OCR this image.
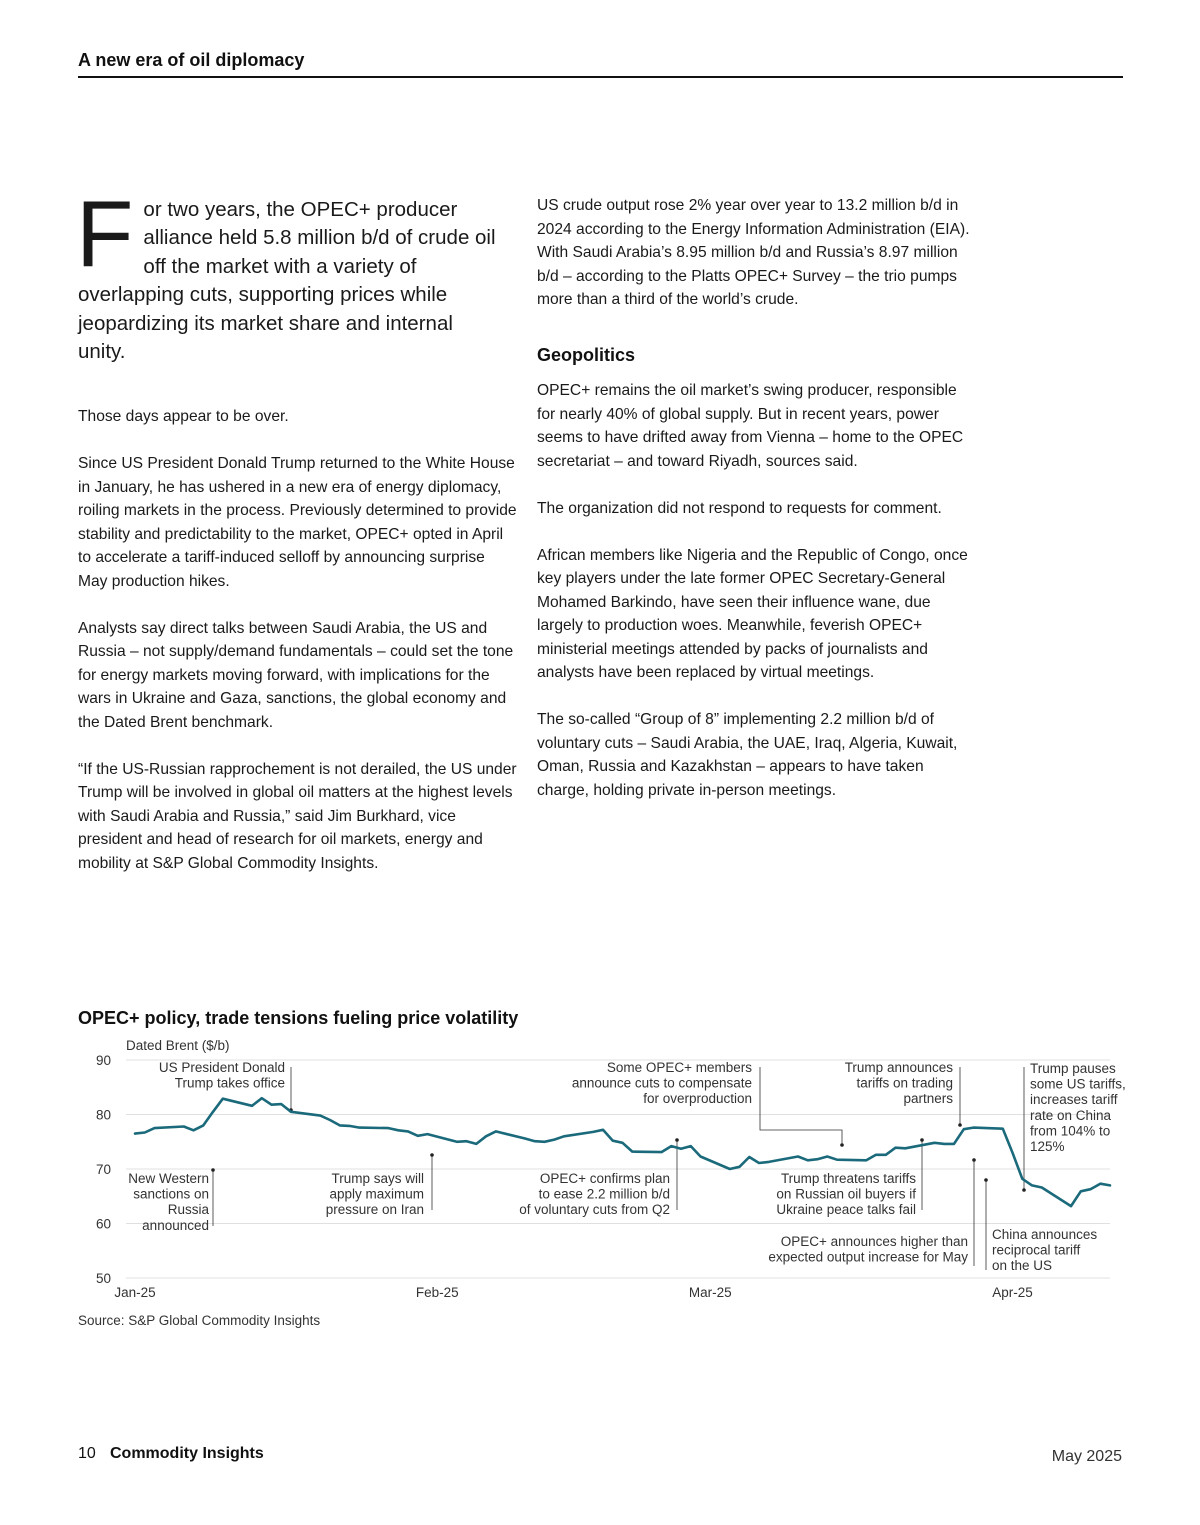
A new era of oil diplomacy
F or two years, the OPEC+ producer alliance held 5.8 million b/d of crude oil off the market with a variety of overlapping cuts, supporting prices while jeopardizing its market share and internal unity.

Those days appear to be over.

Since US President Donald Trump returned to the White House in January, he has ushered in a new era of energy diplomacy, roiling markets in the process. Previously determined to provide stability and predictability to the market, OPEC+ opted in April to accelerate a tariff-induced selloff by announcing surprise May production hikes.

Analysts say direct talks between Saudi Arabia, the US and Russia – not supply/demand fundamentals – could set the tone for energy markets moving forward, with implications for the wars in Ukraine and Gaza, sanctions, the global economy and the Dated Brent benchmark.

“If the US-Russian rapprochement is not derailed, the US under Trump will be involved in global oil matters at the highest levels with Saudi Arabia and Russia,” said Jim Burkhard, vice president and head of research for oil markets, energy and mobility at S&P Global Commodity Insights.

US crude output rose 2% year over year to 13.2 million b/d in 2024 according to the Energy Information Administration (EIA). With Saudi Arabia’s 8.95 million b/d and Russia’s 8.97 million b/d – according to the Platts OPEC+ Survey – the trio pumps more than a third of the world’s crude.

Geopolitics

OPEC+ remains the oil market’s swing producer, responsible for nearly 40% of global supply. But in recent years, power seems to have drifted away from Vienna – home to the OPEC secretariat – and toward Riyadh, sources said.

The organization did not respond to requests for comment.

African members like Nigeria and the Republic of Congo, once key players under the late former OPEC Secretary-General Mohamed Barkindo, have seen their influence wane, due largely to production woes. Meanwhile, feverish OPEC+ ministerial meetings attended by packs of journalists and analysts have been replaced by virtual meetings.

The so-called “Group of 8” implementing 2.2 million b/d of voluntary cuts – Saudi Arabia, the UAE, Iraq, Algeria, Kuwait, Oman, Russia and Kazakhstan – appears to have taken charge, holding private in-person meetings.

OPEC+ policy, trade tensions fueling price volatility
Dated Brent ($/b)
90
80
70
60
50
Jan-25	Feb-25	Mar-25	Apr-25
US President Donald Trump takes office
New Western sanctions on Russia announced
Trump says will apply maximum pressure on Iran
Some OPEC+ members announce cuts to compensate for overproduction
OPEC+ confirms plan to ease 2.2 million b/d of voluntary cuts from Q2
Trump announces tariffs on trading partners
Trump threatens tariffs on Russian oil buyers if Ukraine peace talks fail
OPEC+ announces higher than expected output increase for May
China announces reciprocal tariff on the US
Trump pauses some US tariffs, increases tariff rate on China from 104% to 125%
Source: S&P Global Commodity Insights
10 Commodity Insights	May 2025
